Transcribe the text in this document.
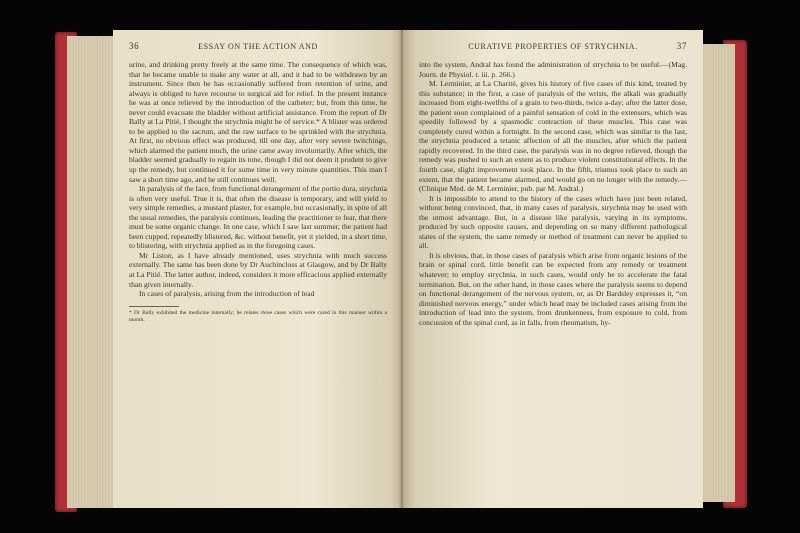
36	ESSAY ON THE ACTION AND

urine, and drinking pretty freely at the same time. The consequence of which was, that he became unable to make any water at all, and it had to be withdrawn by an instrument. Since then he has occasionally suffered from retention of urine, and always is obliged to have recourse to surgical aid for relief. In the present instance he was at once relieved by the introduction of the catheter; but, from this time, he never could evacuate the bladder without artificial assistance. From the report of Dr Bally at La Pitié, I thought the strychnia might be of service.* A blister was ordered to be applied to the sacrum, and the raw surface to be sprinkled with the strychnia. At first, no obvious effect was produced, till one day, after very severe twitchings, which alarmed the patient much, the urine came away involuntarily. After which, the bladder seemed gradually to regain its tone, though I did not deem it prudent to give up the remedy, but continued it for some time in very minute quantities. This man I saw a short time ago, and he still continues well.

In paralysis of the face, from functional derangement of the portio dura, strychnia is often very useful. True it is, that often the disease is temporary, and will yield to very simple remedies, a mustard plaster, for example, but occasionally, in spite of all the usual remedies, the paralysis continues, leading the practitioner to fear, that there must be some organic change. In one case, which I saw last summer, the patient had been cupped, repeatedly blistered, &c. without benefit, yet it yielded, in a short time, to blistering, with strychnia applied as in the foregoing cases.

Mr Liston, as I have already mentioned, uses strychnia with much success externally. The same has been done by Dr Auchincloss at Glasgow, and by Dr Bally at La Pitié. The latter author, indeed, considers it more efficacious applied externally than given internally.

In cases of paralysis, arising from the introduction of lead

* Dr Bally exhibited the medicine internally; he relates three cases which were cured in this manner within a month.
CURATIVE PROPERTIES OF STRYCHNIA.	37

into the system, Andral has found the administration of strychnia to be useful.—(Mag. Journ. de Physiol. t. iii. p. 266.)

M. Lerminier, at La Charité, gives his history of five cases of this kind, treated by this substance; in the first, a case of paralysis of the wrists, the alkali was gradually increased from eight-twelfths of a grain to two-thirds, twice a-day; after the latter dose, the patient soon complained of a painful sensation of cold in the extensors, which was speedily followed by a spasmodic contraction of these muscles. This case was completely cured within a fortnight. In the second case, which was similar to the last, the strychnia produced a tetanic affection of all the muscles, after which the patient rapidly recovered. In the third case, the paralysis was in no degree relieved, though the remedy was pushed to such an extent as to produce violent constitutional effects. In the fourth case, slight improvement took place. In the fifth, trismus took place to such an extent, that the patient became alarmed, and would go on no longer with the remedy.—(Clinique Med. de M. Lerminier, pub. par M. Andral.)

It is impossible to attend to the history of the cases which have just been related, without being convinced, that, in many cases of paralysis, strychnia may be used with the utmost advantage. But, in a disease like paralysis, varying in its symptoms, produced by such opposite causes, and depending on so many different pathological states of the system, the same remedy or method of treatment can never be applied to all.

It is obvious, that, in those cases of paralysis which arise from organic lesions of the brain or spinal cord, little benefit can be expected from any remedy or treatment whatever; to employ strychnia, in such cases, would only be to accelerate the fatal termination. But, on the other hand, in those cases where the paralysis seems to depend on functional derangement of the nervous system, or, as Dr Bardsley expresses it, “on diminished nervous energy,” under which head may be included cases arising from the introduction of lead into the system, from drunkenness, from exposure to cold, from concussion of the spinal cord, as in falls, from rheumatism, hy-
